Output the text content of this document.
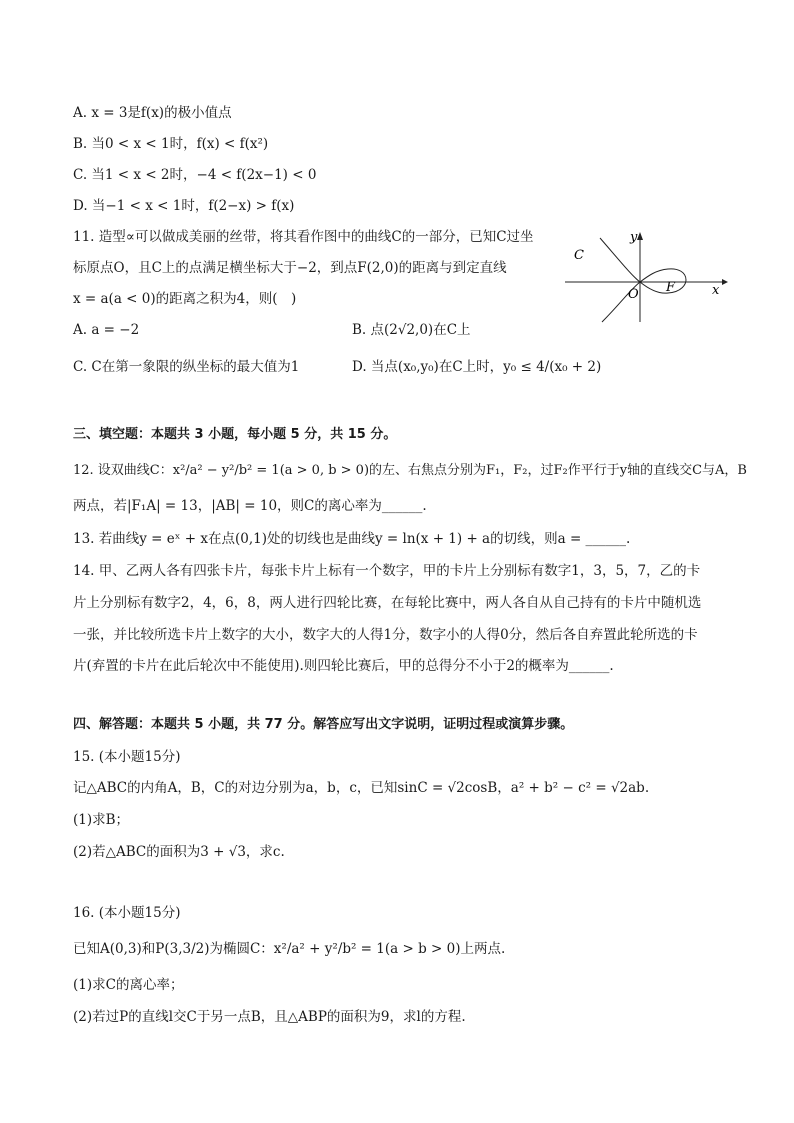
A. x = 3是f(x)的极小值点
B. 当0 < x < 1时，f(x) < f(x²)
C. 当1 < x < 2时，−4 < f(2x−1) < 0
D. 当−1 < x < 1时，f(2−x) > f(x)
11. 造型∝可以做成美丽的丝带，将其看作图中的曲线C的一部分，已知C过坐
标原点O，且C上的点满足横坐标大于−2，到点F(2,0)的距离与到定直线
x = a(a < 0)的距离之积为4，则(　)
A. a = −2	B. 点(2√2,0)在C上
C. C在第一象限的纵坐标的最大值为1	D. 当点(x₀,y₀)在C上时，y₀ ≤ 4/(x₀ + 2)
C
O F
y
x
三、填空题：本题共 3 小题，每小题 5 分，共 15 分。
12. 设双曲线C：x²/a² − y²/b² = 1(a > 0, b > 0)的左、右焦点分别为F₁，F₂，过F₂作平行于y轴的直线交C与A，B
两点，若|F₁A| = 13，|AB| = 10，则C的离心率为______.
13. 若曲线y = eˣ + x在点(0,1)处的切线也是曲线y = ln(x + 1) + a的切线，则a = ______.
14. 甲、乙两人各有四张卡片，每张卡片上标有一个数字，甲的卡片上分别标有数字1，3，5，7，乙的卡
片上分别标有数字2，4，6，8，两人进行四轮比赛，在每轮比赛中，两人各自从自己持有的卡片中随机选
一张，并比较所选卡片上数字的大小，数字大的人得1分，数字小的人得0分，然后各自弃置此轮所选的卡
片(弃置的卡片在此后轮次中不能使用).则四轮比赛后，甲的总得分不小于2的概率为______.
四、解答题：本题共 5 小题，共 77 分。解答应写出文字说明，证明过程或演算步骤。
15. (本小题15分)
记△ABC的内角A，B，C的对边分别为a，b，c，已知sinC = √2cosB，a² + b² − c² = √2ab.
(1)求B；
(2)若△ABC的面积为3 + √3，求c.
16. (本小题15分)
已知A(0,3)和P(3,3/2)为椭圆C：x²/a² + y²/b² = 1(a > b > 0)上两点.
(1)求C的离心率；
(2)若过P的直线l交C于另一点B，且△ABP的面积为9，求l的方程.
